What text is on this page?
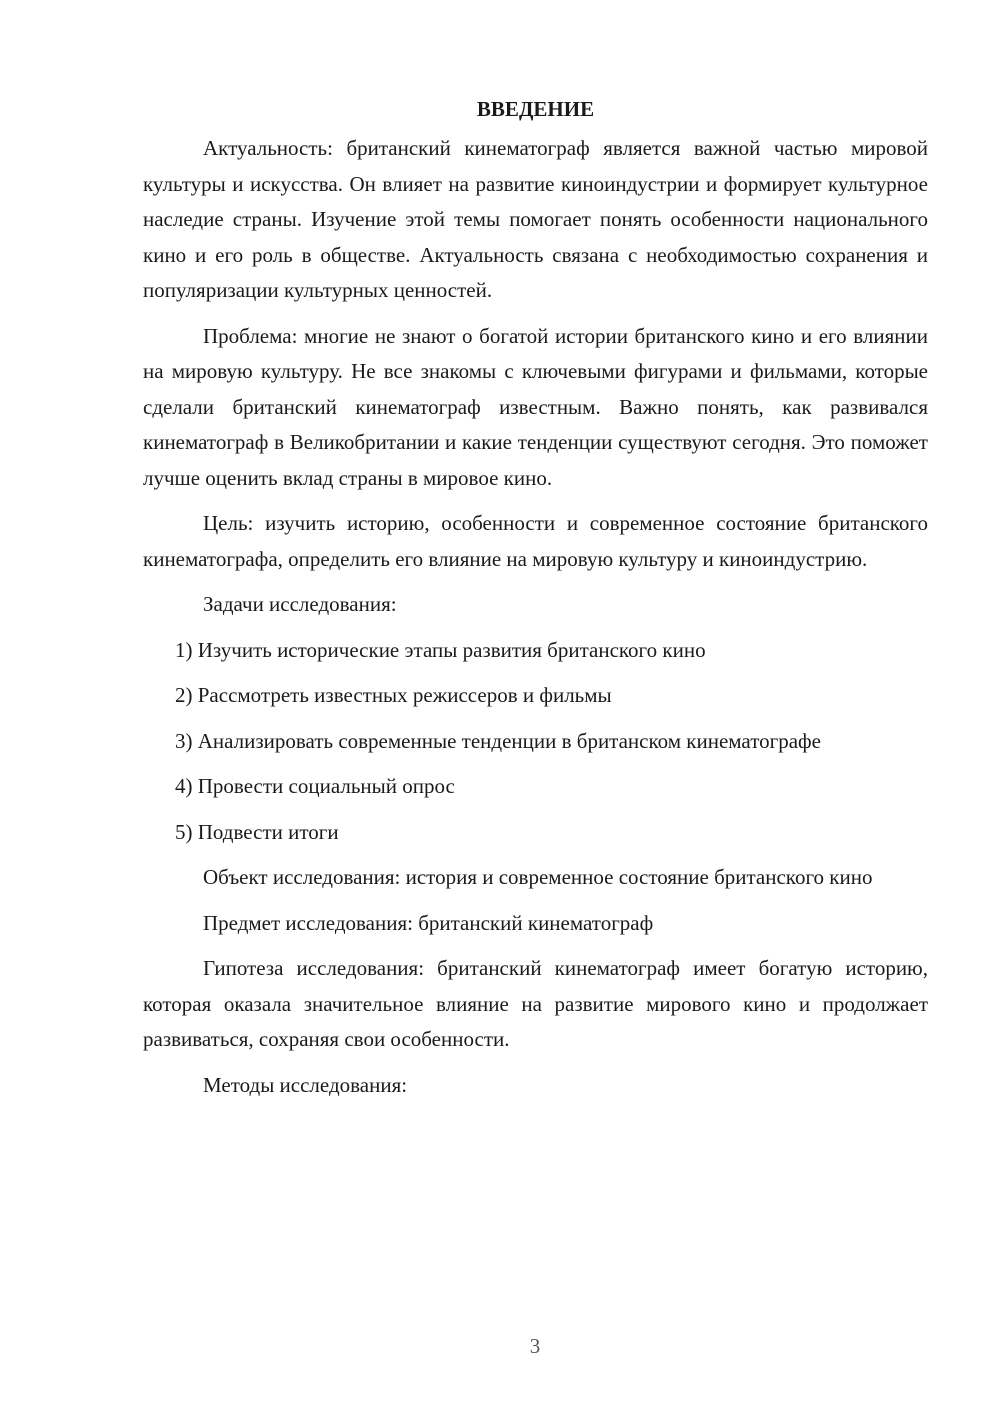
ВВЕДЕНИЕ

Актуальность: британский кинематограф является важной частью мировой культуры и искусства. Он влияет на развитие киноиндустрии и формирует культурное наследие страны. Изучение этой темы помогает понять особенности национального кино и его роль в обществе. Актуальность связана с необходимостью сохранения и популяризации культурных ценностей.

Проблема: многие не знают о богатой истории британского кино и его влиянии на мировую культуру. Не все знакомы с ключевыми фигурами и фильмами, которые сделали британский кинематограф известным. Важно понять, как развивался кинематограф в Великобритании и какие тенденции существуют сегодня. Это поможет лучше оценить вклад страны в мировое кино.

Цель: изучить историю, особенности и современное состояние британского кинематографа, определить его влияние на мировую культуру и киноиндустрию.

Задачи исследования:

1) Изучить исторические этапы развития британского кино

2) Рассмотреть известных режиссеров и фильмы

3) Анализировать современные тенденции в британском кинематографе

4) Провести социальный опрос

5) Подвести итоги

Объект исследования: история и современное состояние британского кино

Предмет исследования: британский кинематограф

Гипотеза исследования: британский кинематограф имеет богатую историю, которая оказала значительное влияние на развитие мирового кино и продолжает развиваться, сохраняя свои особенности.

Методы исследования:

3
